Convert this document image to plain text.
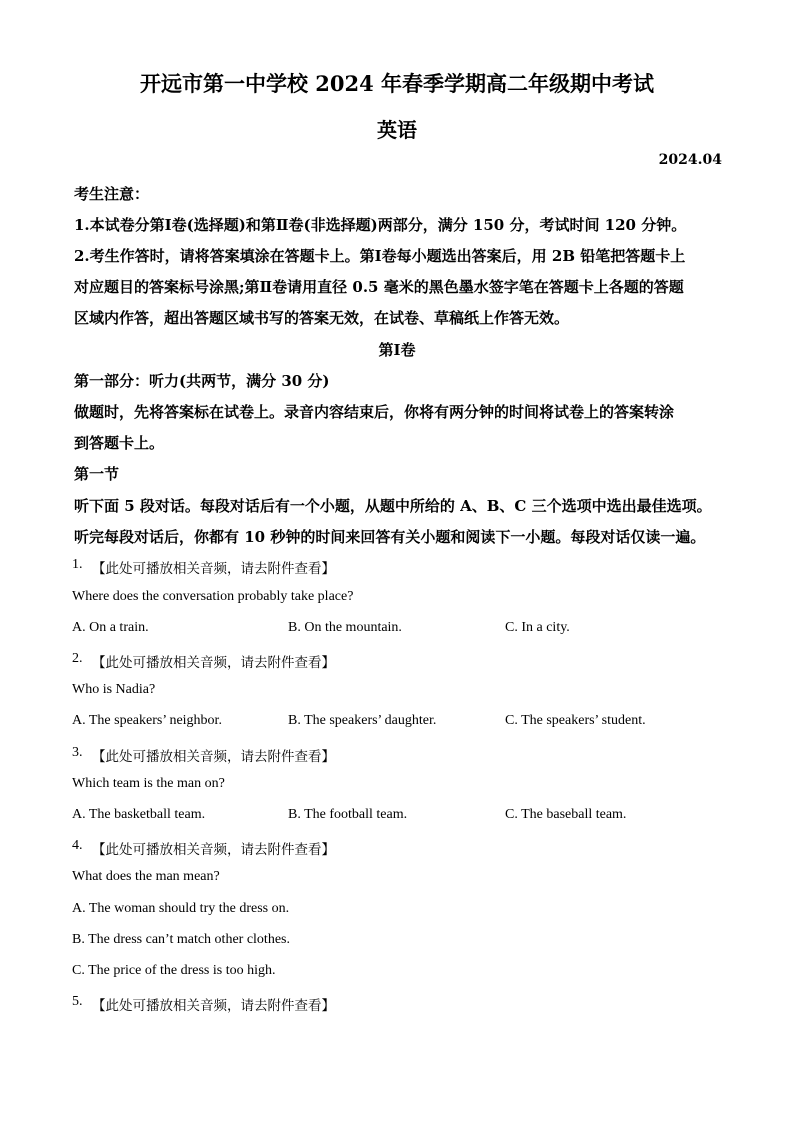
开远市第一中学校 2024 年春季学期高二年级期中考试
英语
2024.04
考生注意：
1.本试卷分第Ⅰ卷(选择题)和第Ⅱ卷(非选择题)两部分，满分 150 分，考试时间 120 分钟。
2.考生作答时，请将答案填涂在答题卡上。第Ⅰ卷每小题选出答案后，用 2B 铅笔把答题卡上
对应题目的答案标号涂黑;第Ⅱ卷请用直径 0.5 毫米的黑色墨水签字笔在答题卡上各题的答题
区域内作答，超出答题区域书写的答案无效，在试卷、草稿纸上作答无效。
第Ⅰ卷
第一部分：听力(共两节，满分 30 分)
做题时，先将答案标在试卷上。录音内容结束后，你将有两分钟的时间将试卷上的答案转涂
到答题卡上。
第一节
听下面 5 段对话。每段对话后有一个小题，从题中所给的 A、B、C 三个选项中选出最佳选项。
听完每段对话后，你都有 10 秒钟的时间来回答有关小题和阅读下一小题。每段对话仅读一遍。
1. 【此处可播放相关音频，请去附件查看】
Where does the conversation probably take place?
A. On a train.	B. On the mountain.	C. In a city.
2. 【此处可播放相关音频，请去附件查看】
Who is Nadia?
A. The speakers’ neighbor.	B. The speakers’ daughter.	C. The speakers’ student.
3. 【此处可播放相关音频，请去附件查看】
Which team is the man on?
A. The basketball team.	B. The football team.	C. The baseball team.
4. 【此处可播放相关音频，请去附件查看】
What does the man mean?
A. The woman should try the dress on.
B. The dress can’t match other clothes.
C. The price of the dress is too high.
5. 【此处可播放相关音频，请去附件查看】
